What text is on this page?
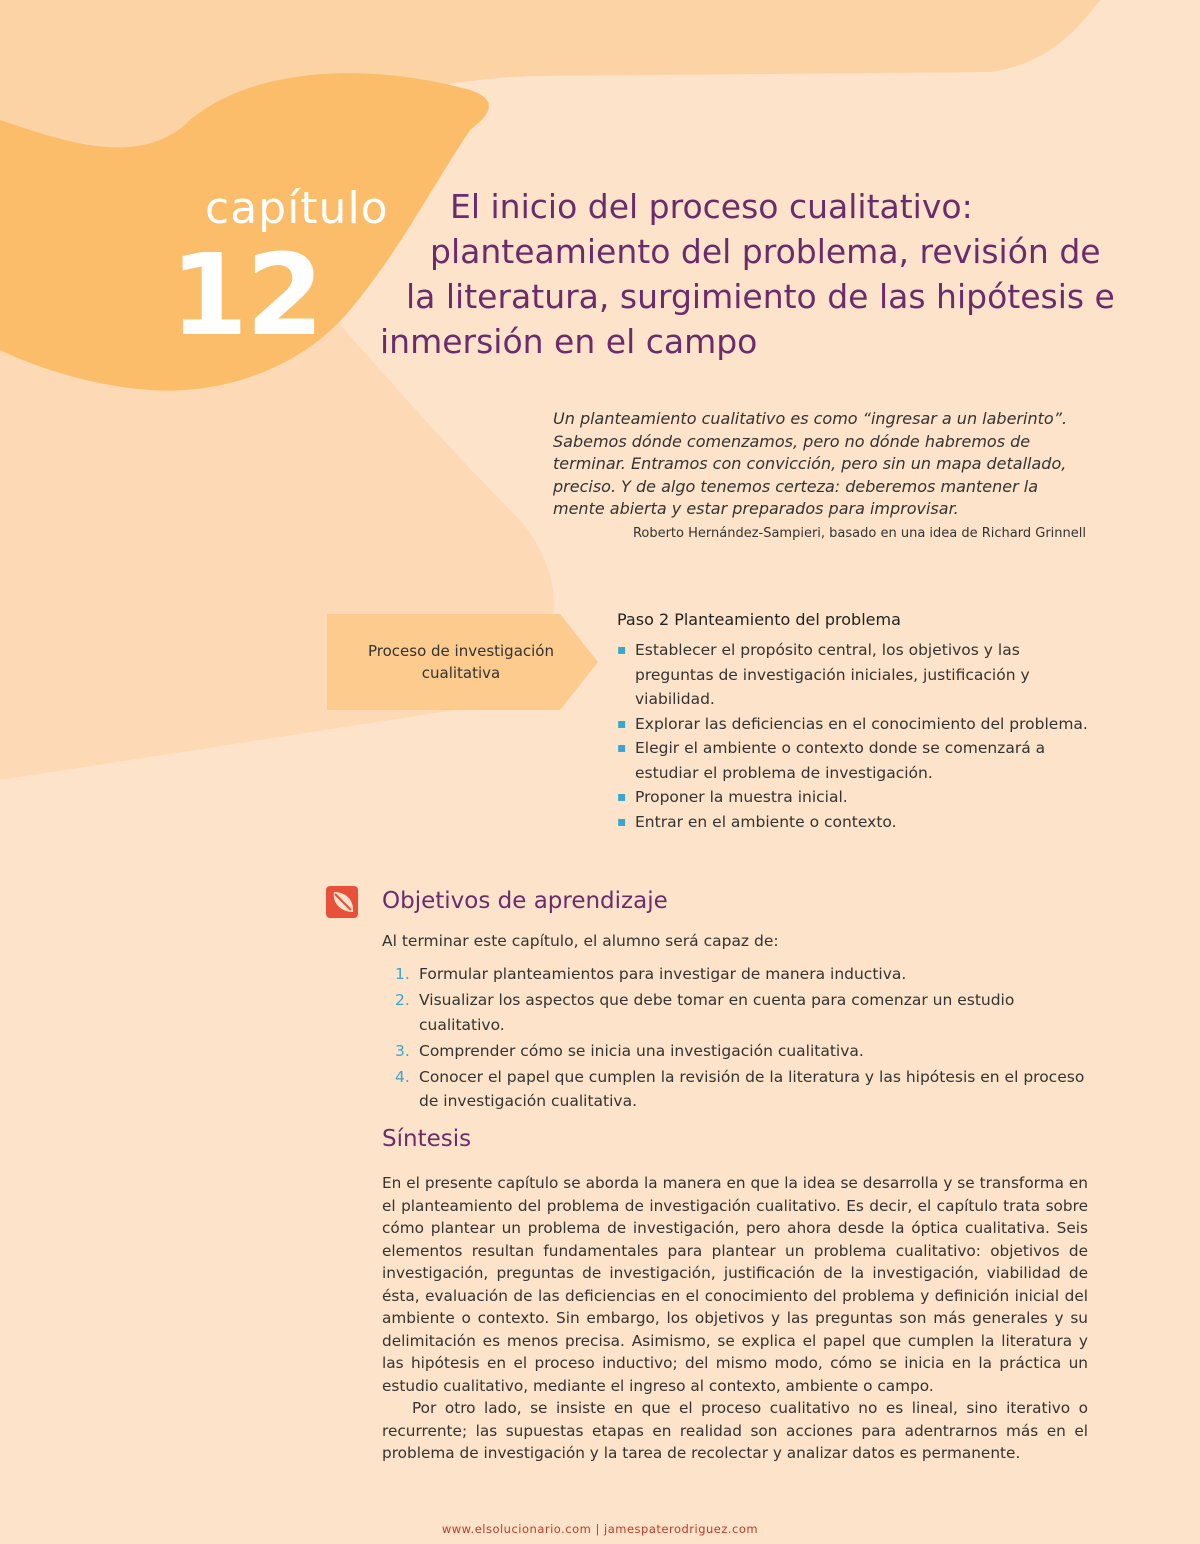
capítulo
12
El inicio del proceso cualitativo:
planteamiento del problema, revisión de
la literatura, surgimiento de las hipótesis e
inmersión en el campo
Un planteamiento cualitativo es como “ingresar a un laberinto”. Sabemos dónde comenzamos, pero no dónde habremos de terminar. Entramos con convicción, pero sin un mapa detallado, preciso. Y de algo tenemos certeza: deberemos mantener la mente abierta y estar preparados para improvisar.
Roberto Hernández-Sampieri, basado en una idea de Richard Grinnell
Proceso de investigación
cualitativa
Paso 2 Planteamiento del problema
▪ Establecer el propósito central, los objetivos y las preguntas de investigación iniciales, justificación y viabilidad.
▪ Explorar las deficiencias en el conocimiento del problema.
▪ Elegir el ambiente o contexto donde se comenzará a estudiar el problema de investigación.
▪ Proponer la muestra inicial.
▪ Entrar en el ambiente o contexto.
Objetivos de aprendizaje
Al terminar este capítulo, el alumno será capaz de:
1. Formular planteamientos para investigar de manera inductiva.
2. Visualizar los aspectos que debe tomar en cuenta para comenzar un estudio cualitativo.
3. Comprender cómo se inicia una investigación cualitativa.
4. Conocer el papel que cumplen la revisión de la literatura y las hipótesis en el proceso de investigación cualitativa.
Síntesis

En el presente capítulo se aborda la manera en que la idea se desarrolla y se transforma en el planteamiento del problema de investigación cualitativo. Es decir, el capítulo trata sobre cómo plantear un problema de investigación, pero ahora desde la óptica cualitativa. Seis elementos resultan fundamentales para plantear un problema cualitativo: objetivos de investigación, preguntas de investigación, justificación de la investigación, viabilidad de ésta, evaluación de las deficiencias en el conocimiento del problema y definición inicial del ambiente o contexto. Sin embargo, los objetivos y las preguntas son más generales y su delimitación es menos precisa. Asimismo, se explica el papel que cumplen la literatura y las hipótesis en el proceso inductivo; del mismo modo, cómo se inicia en la práctica un estudio cualitativo, mediante el ingreso al contexto, ambiente o campo.

Por otro lado, se insiste en que el proceso cualitativo no es lineal, sino iterativo o recurrente; las supuestas etapas en realidad son acciones para adentrarnos más en el problema de investigación y la tarea de recolectar y analizar datos es permanente.

www.elsolucionario.com | jamespaterodriguez.com
